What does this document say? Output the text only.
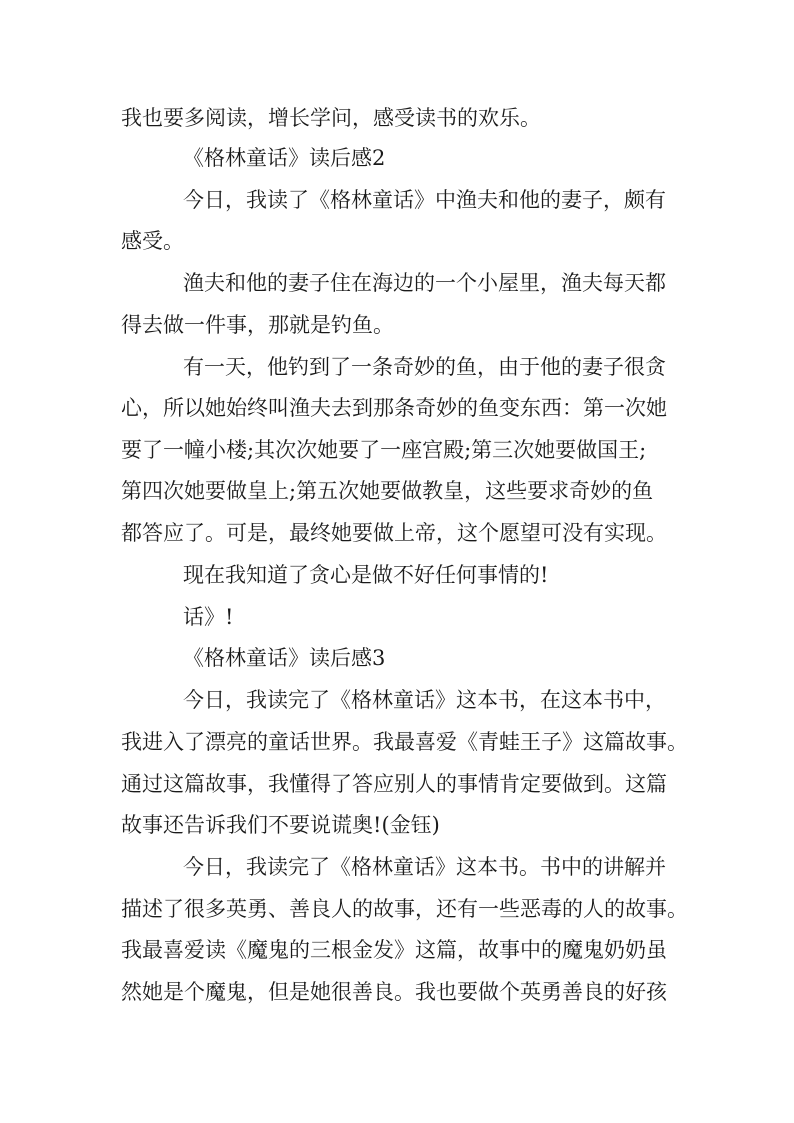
我也要多阅读，增长学问，感受读书的欢乐。
《格林童话》读后感2
今日，我读了《格林童话》中渔夫和他的妻子，颇有
感受。
渔夫和他的妻子住在海边的一个小屋里，渔夫每天都
得去做一件事，那就是钓鱼。
有一天，他钓到了一条奇妙的鱼，由于他的妻子很贪
心，所以她始终叫渔夫去到那条奇妙的鱼变东西：第一次她
要了一幢小楼;其次次她要了一座宫殿;第三次她要做国王;
第四次她要做皇上;第五次她要做教皇，这些要求奇妙的鱼
都答应了。可是，最终她要做上帝，这个愿望可没有实现。
现在我知道了贪心是做不好任何事情的!
话》!
《格林童话》读后感3
今日，我读完了《格林童话》这本书，在这本书中，
我进入了漂亮的童话世界。我最喜爱《青蛙王子》这篇故事。
通过这篇故事，我懂得了答应别人的事情肯定要做到。这篇
故事还告诉我们不要说谎奥!(金钰)
今日，我读完了《格林童话》这本书。书中的讲解并
描述了很多英勇、善良人的故事，还有一些恶毒的人的故事。
我最喜爱读《魔鬼的三根金发》这篇，故事中的魔鬼奶奶虽
然她是个魔鬼，但是她很善良。我也要做个英勇善良的好孩
